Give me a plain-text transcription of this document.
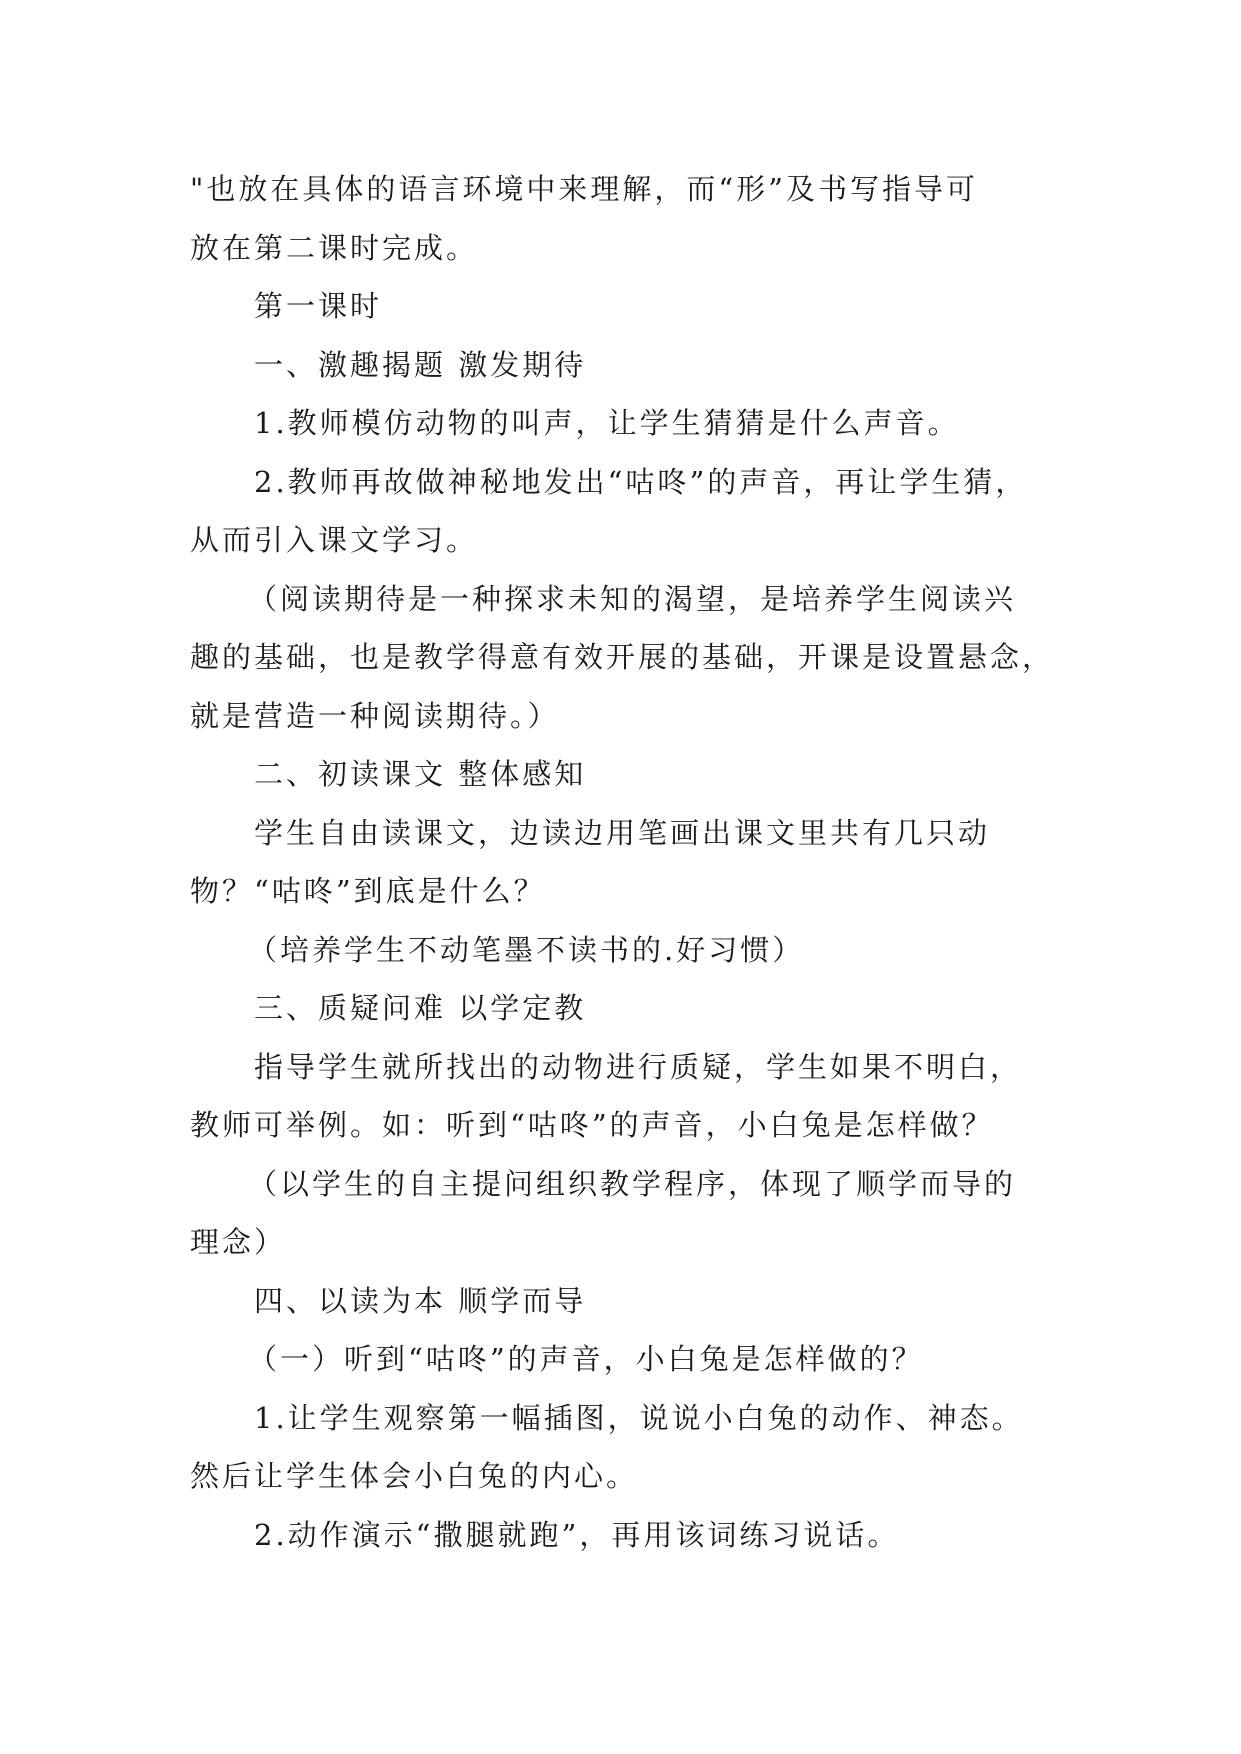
"也放在具体的语言环境中来理解，而“形”及书写指导可

放在第二课时完成。

第一课时

一、激趣揭题 激发期待

1.教师模仿动物的叫声，让学生猜猜是什么声音。

2.教师再故做神秘地发出“咕咚”的声音，再让学生猜，

从而引入课文学习。

（阅读期待是一种探求未知的渴望，是培养学生阅读兴

趣的基础，也是教学得意有效开展的基础，开课是设置悬念，

就是营造一种阅读期待。）

二、初读课文 整体感知

学生自由读课文，边读边用笔画出课文里共有几只动

物？“咕咚”到底是什么？

（培养学生不动笔墨不读书的.好习惯）

三、质疑问难 以学定教

指导学生就所找出的动物进行质疑，学生如果不明白，

教师可举例。如：听到“咕咚”的声音，小白兔是怎样做？

（以学生的自主提问组织教学程序，体现了顺学而导的

理念）

四、以读为本 顺学而导

（一）听到“咕咚”的声音，小白兔是怎样做的？

1.让学生观察第一幅插图，说说小白兔的动作、神态。

然后让学生体会小白兔的内心。

2.动作演示“撒腿就跑”，再用该词练习说话。
